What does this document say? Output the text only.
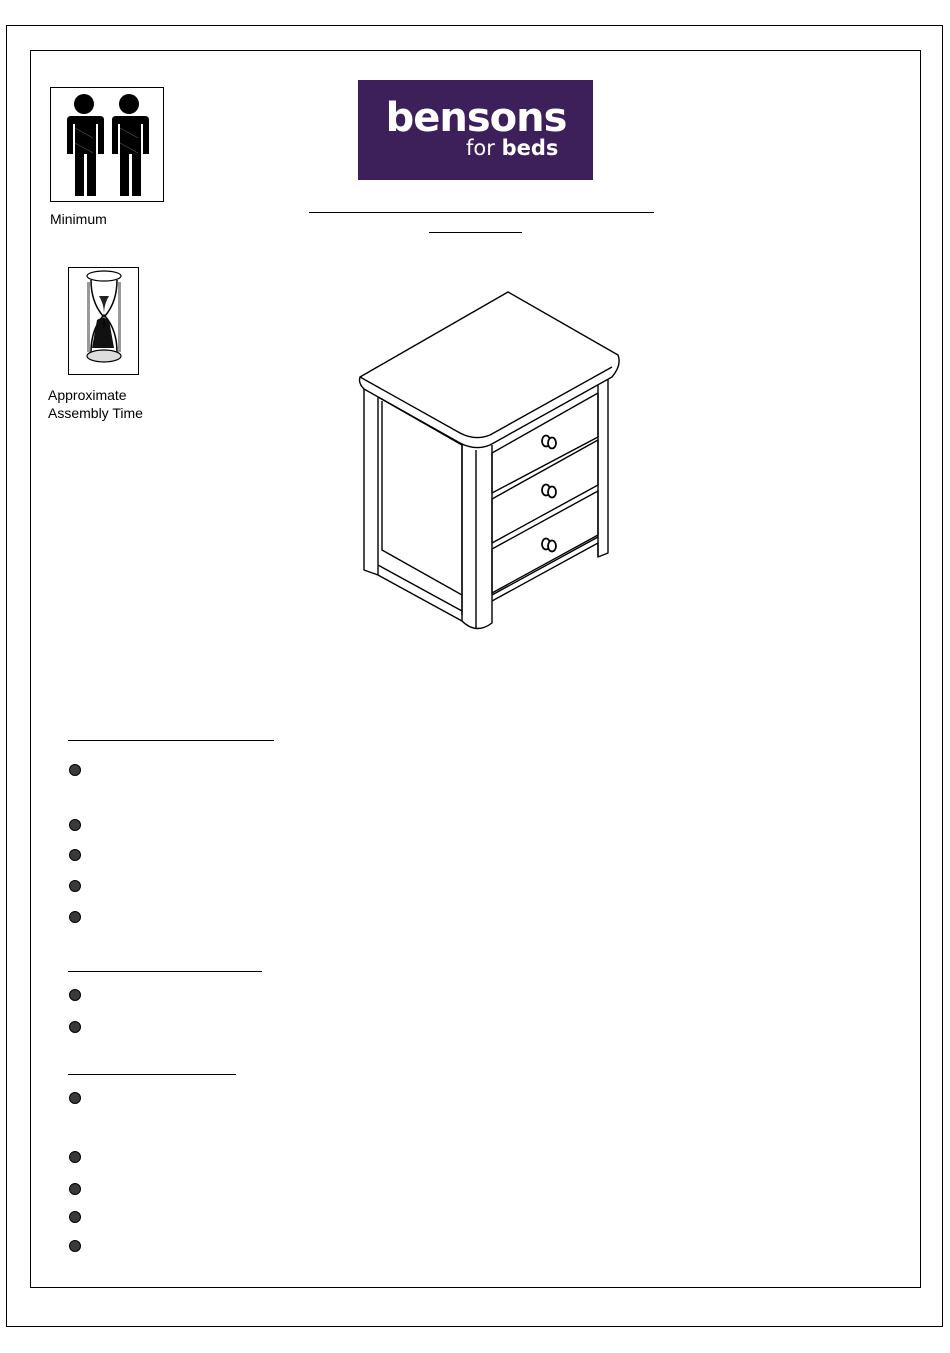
Minimum
Approximate
Assembly Time
bensons
for beds
